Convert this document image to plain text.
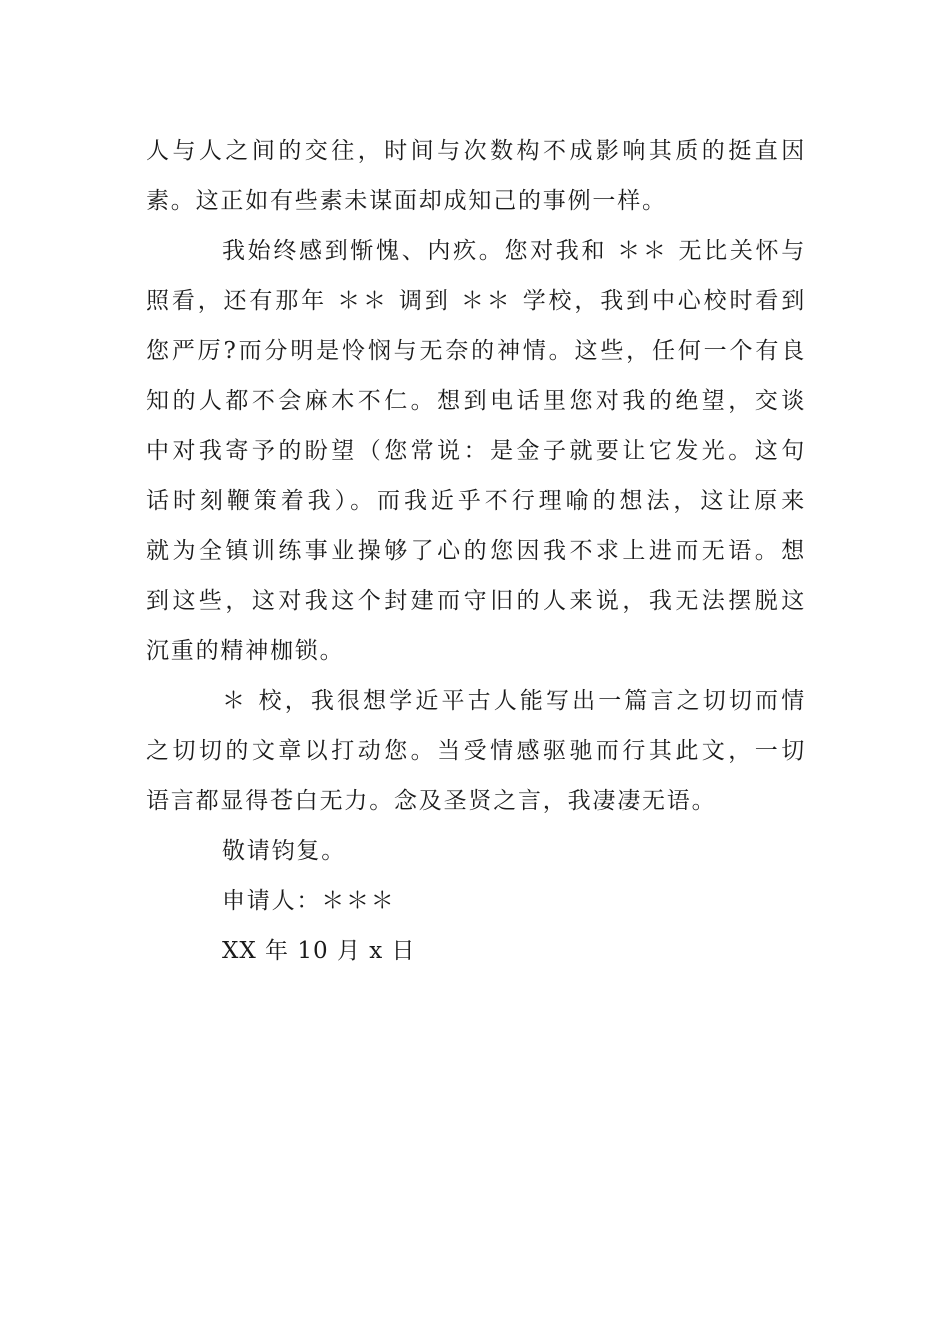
人与人之间的交往，时间与次数构不成影响其质的挺直因
素。这正如有些素未谋面却成知己的事例一样。
我始终感到惭愧、内疚。您对我和 ＊＊ 无比关怀与
照看，还有那年 ＊＊ 调到 ＊＊ 学校，我到中心校时看到
您严厉?而分明是怜悯与无奈的神情。这些，任何一个有良
知的人都不会麻木不仁。想到电话里您对我的绝望，交谈
中对我寄予的盼望（您常说：是金子就要让它发光。这句
话时刻鞭策着我）。而我近乎不行理喻的想法，这让原来
就为全镇训练事业操够了心的您因我不求上进而无语。想
到这些，这对我这个封建而守旧的人来说，我无法摆脱这
沉重的精神枷锁。
＊ 校，我很想学近平古人能写出一篇言之切切而情
之切切的文章以打动您。当受情感驱驰而行其此文，一切
语言都显得苍白无力。念及圣贤之言，我凄凄无语。
敬请钧复。
申请人：＊＊＊
XX 年 10 月 x 日
